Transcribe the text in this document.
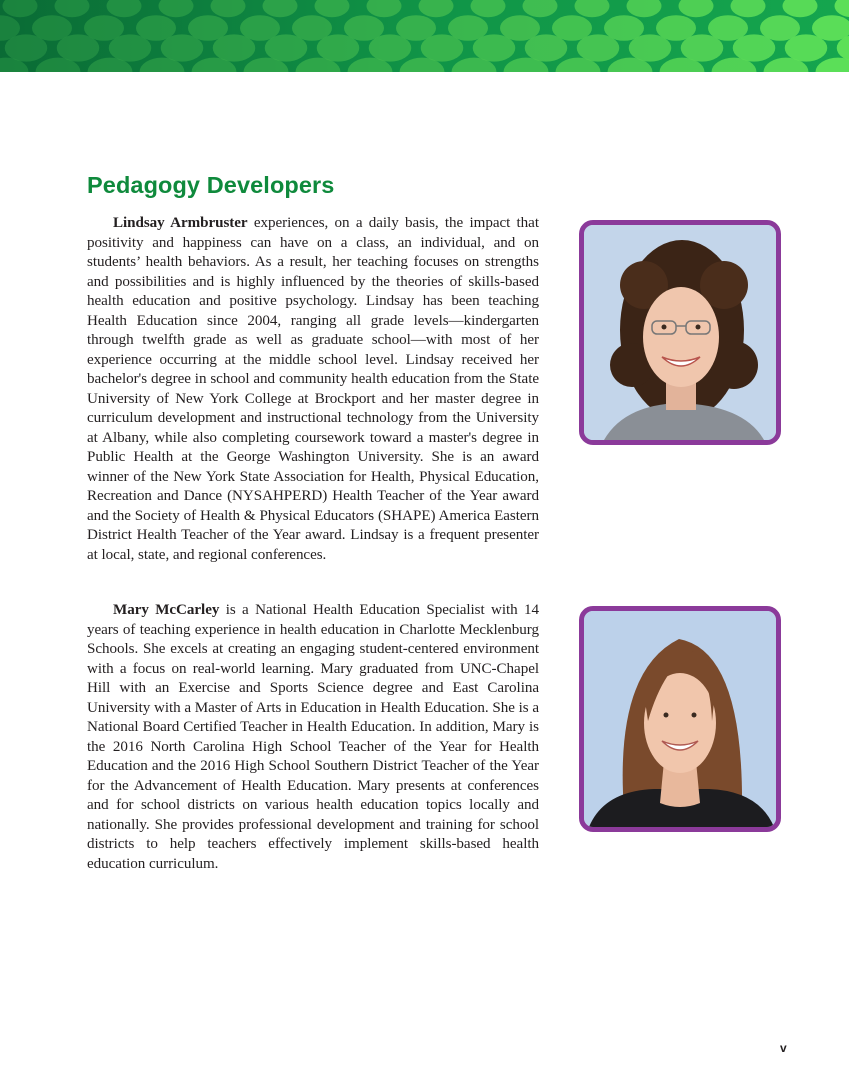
Pedagogy Developers

Lindsay Armbruster experiences, on a daily basis, the impact that positivity and happiness can have on a class, an individual, and on students’ health behaviors. As a result, her teaching focuses on strengths and possibilities and is highly influenced by the theories of skills-based health education and positive psychology. Lindsay has been teaching Health Education since 2004, ranging all grade levels—kindergarten through twelfth grade as well as graduate school—with most of her experience occurring at the middle school level. Lindsay received her bachelor's degree in school and community health education from the State University of New York College at Brockport and her master degree in curriculum development and instructional technology from the University at Albany, while also completing coursework toward a master's degree in Public Health at the George Washington University. She is an award winner of the New York State Association for Health, Physical Education, Recreation and Dance (NYSAHPERD) Health Teacher of the Year award and the Society of Health & Physical Educators (SHAPE) America Eastern District Health Teacher of the Year award. Lindsay is a frequent presenter at local, state, and regional conferences.

Mary McCarley is a National Health Education Specialist with 14 years of teaching experience in health education in Charlotte Mecklenburg Schools. She excels at creating an engaging student-centered environment with a focus on real-world learning. Mary graduated from UNC-Chapel Hill with an Exercise and Sports Science degree and East Carolina University with a Master of Arts in Education in Health Education. She is a National Board Certified Teacher in Health Education. In addition, Mary is the 2016 North Carolina High School Teacher of the Year for Health Education and the 2016 High School Southern District Teacher of the Year for the Advancement of Health Education. Mary presents at conferences and for school districts on various health education topics locally and nationally. She provides professional development and training for school districts to help teachers effectively implement skills-based health education curriculum.

v
